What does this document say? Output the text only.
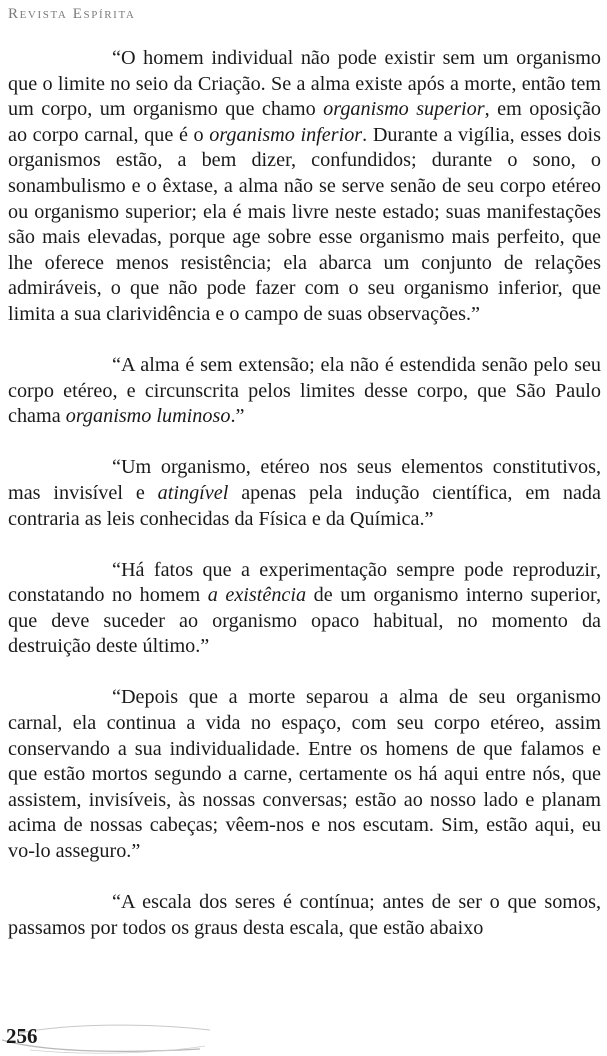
Revista Espírita

“O homem individual não pode existir sem um organismo que o limite no seio da Criação. Se a alma existe após a morte, então tem um corpo, um organismo que chamo organismo superior, em oposição ao corpo carnal, que é o organismo inferior. Durante a vigília, esses dois organismos estão, a bem dizer, confundidos; durante o sono, o sonambulismo e o êxtase, a alma não se serve senão de seu corpo etéreo ou organismo superior; ela é mais livre neste estado; suas manifestações são mais elevadas, porque age sobre esse organismo mais perfeito, que lhe oferece menos resistência; ela abarca um conjunto de relações admiráveis, o que não pode fazer com o seu organismo inferior, que limita a sua clarividência e o campo de suas observações.”

“A alma é sem extensão; ela não é estendida senão pelo seu corpo etéreo, e circunscrita pelos limites desse corpo, que São Paulo chama organismo luminoso.”

“Um organismo, etéreo nos seus elementos constitutivos, mas invisível e atingível apenas pela indução científica, em nada contraria as leis conhecidas da Física e da Química.”

“Há fatos que a experimentação sempre pode reproduzir, constatando no homem a existência de um organismo interno superior, que deve suceder ao organismo opaco habitual, no momento da destruição deste último.”

“Depois que a morte separou a alma de seu organismo carnal, ela continua a vida no espaço, com seu corpo etéreo, assim conservando a sua individualidade. Entre os homens de que falamos e que estão mortos segundo a carne, certamente os há aqui entre nós, que assistem, invisíveis, às nossas conversas; estão ao nosso lado e planam acima de nossas cabeças; vêem-nos e nos escutam. Sim, estão aqui, eu vo-lo asseguro.”

“A escala dos seres é contínua; antes de ser o que somos, passamos por todos os graus desta escala, que estão abaixo

256
